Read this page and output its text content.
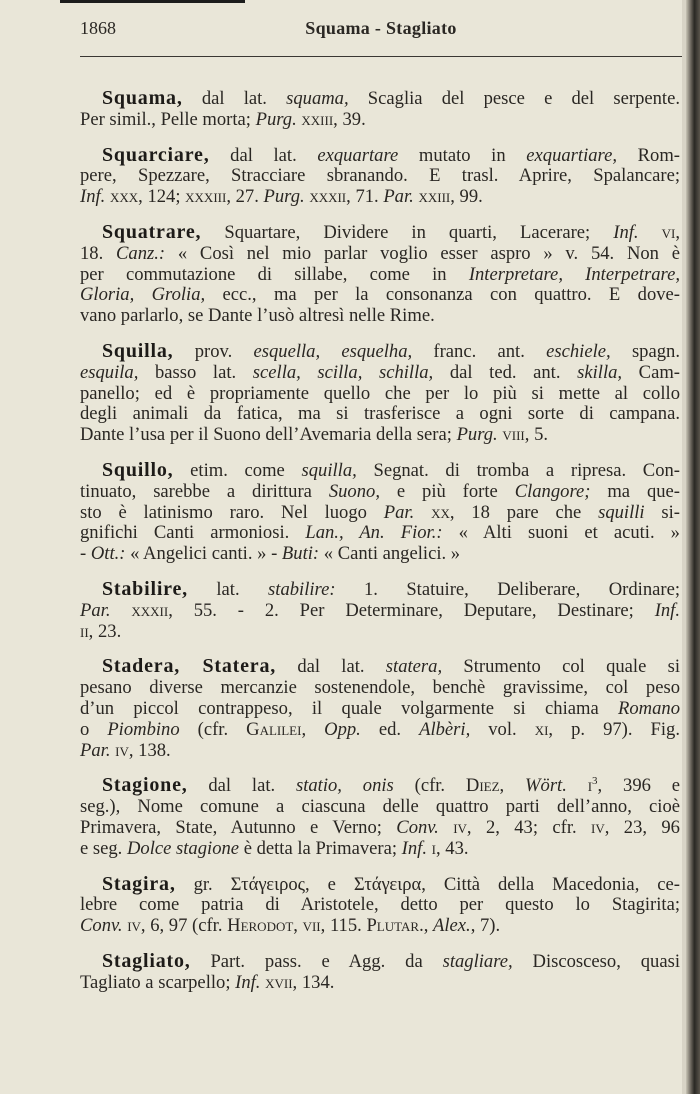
1868	Squama - Stagliato
Squama, dal lat. squama, Scaglia del pesce e del serpente.
Per simil., Pelle morta; Purg. xxiii, 39.
Squarciare, dal lat. exquartare mutato in exquartiare, Rom-
pere, Spezzare, Stracciare sbranando. E trasl. Aprire, Spalancare;
Inf. xxx, 124; xxxiii, 27. Purg. xxxii, 71. Par. xxiii, 99.
Squatrare, Squartare, Dividere in quarti, Lacerare; Inf. vi,
18. Canz.: « Così nel mio parlar voglio esser aspro » v. 54. Non è
per commutazione di sillabe, come in Interpretare, Interpetrare,
Gloria, Grolia, ecc., ma per la consonanza con quattro. E dove-
vano parlarlo, se Dante l’usò altresì nelle Rime.
Squilla, prov. esquella, esquelha, franc. ant. eschiele, spagn.
esquila, basso lat. scella, scilla, schilla, dal ted. ant. skilla, Cam-
panello; ed è propriamente quello che per lo più si mette al collo
degli animali da fatica, ma si trasferisce a ogni sorte di campana.
Dante l’usa per il Suono dell’Avemaria della sera; Purg. viii, 5.
Squillo, etim. come squilla, Segnat. di tromba a ripresa. Con-
tinuato, sarebbe a dirittura Suono, e più forte Clangore; ma que-
sto è latinismo raro. Nel luogo Par. xx, 18 pare che squilli si-
gnifichi Canti armoniosi. Lan., An. Fior.: « Alti suoni et acuti. »
- Ott.: « Angelici canti. » - Buti: « Canti angelici. »
Stabilire, lat. stabilire: 1. Statuire, Deliberare, Ordinare;
Par. xxxii, 55. - 2. Per Determinare, Deputare, Destinare; Inf.
ii, 23.
Stadera, Statera, dal lat. statera, Strumento col quale si
pesano diverse mercanzie sostenendole, benchè gravissime, col peso
d’un piccol contrappeso, il quale volgarmente si chiama Romano
o Piombino (cfr. Galilei, Opp. ed. Albèri, vol. xi, p. 97). Fig.
Par. iv, 138.
Stagione, dal lat. statio, onis (cfr. Diez, Wört. $i^3$, 396 e
seg.), Nome comune a ciascuna delle quattro parti dell’anno, cioè
Primavera, State, Autunno e Verno; Conv. iv, 2, 43; cfr. iv, 23, 96
e seg. Dolce stagione è detta la Primavera; Inf. i, 43.
Stagira, gr. Στάγειρος, e Στάγειρα, Città della Macedonia, ce-
lebre come patria di Aristotele, detto per questo lo Stagirita;
Conv. iv, 6, 97 (cfr. Herodot, vii, 115. Plutar., Alex., 7).
Stagliato, Part. pass. e Agg. da stagliare, Discosceso, quasi
Tagliato a scarpello; Inf. xvii, 134.
